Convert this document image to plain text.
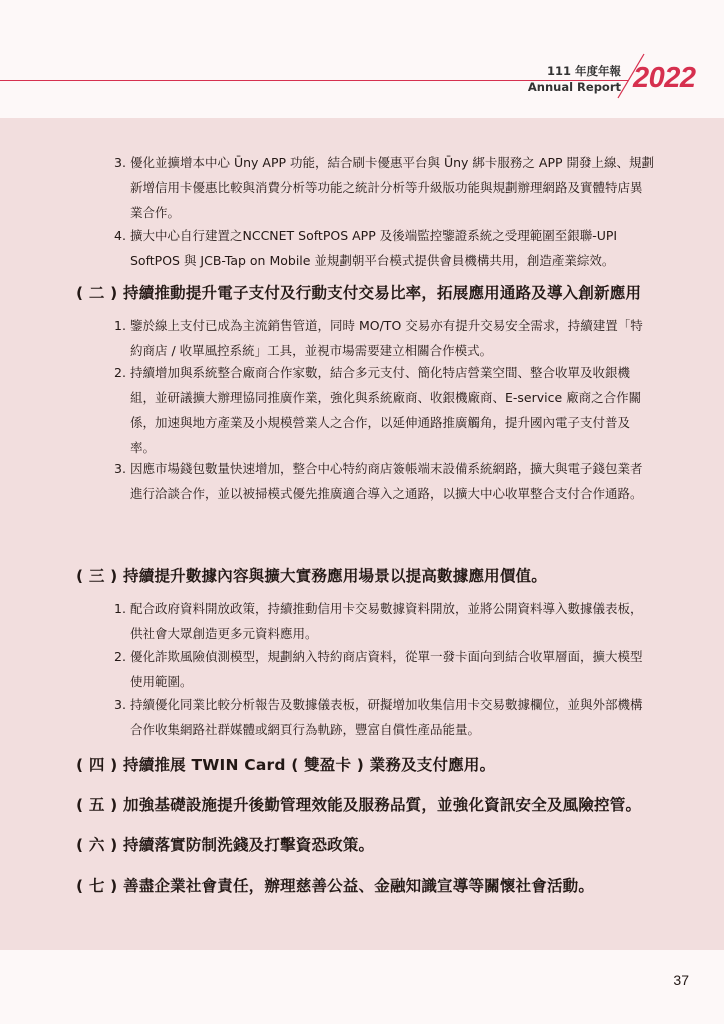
111 年度年報
Annual Report 2022
3. 優化並擴增本中心 Ūny APP 功能，結合刷卡優惠平台與 Ūny 綁卡服務之 APP 開發上線、規劃新增信用卡優惠比較與消費分析等功能之統計分析等升級版功能與規劃辦理網路及實體特店異業合作。
4. 擴大中心自行建置之NCCNET SoftPOS APP 及後端監控鑒證系統之受理範圍至銀聯-UPI SoftPOS 與 JCB-Tap on Mobile 並規劃朝平台模式提供會員機構共用，創造產業綜效。
( 二 ) 持續推動提升電子支付及行動支付交易比率，拓展應用通路及導入創新應用
1. 鑒於線上支付已成為主流銷售管道，同時 MO/TO 交易亦有提升交易安全需求，持續建置「特約商店 / 收單風控系統」工具，並視市場需要建立相關合作模式。
2. 持續增加與系統整合廠商合作家數，結合多元支付、簡化特店營業空間、整合收單及收銀機組，並研議擴大辦理協同推廣作業，強化與系統廠商、收銀機廠商、E-service 廠商之合作關係，加速與地方產業及小規模營業人之合作，以延伸通路推廣觸角，提升國內電子支付普及率。
3. 因應市場錢包數量快速增加，整合中心特約商店簽帳端末設備系統網路，擴大與電子錢包業者進行洽談合作，並以被掃模式優先推廣適合導入之通路，以擴大中心收單整合支付合作通路。
( 三 ) 持續提升數據內容與擴大實務應用場景以提高數據應用價值。
1. 配合政府資料開放政策，持續推動信用卡交易數據資料開放，並將公開資料導入數據儀表板，供社會大眾創造更多元資料應用。
2. 優化詐欺風險偵測模型，規劃納入特約商店資料，從單一發卡面向到結合收單層面，擴大模型使用範圍。
3. 持續優化同業比較分析報告及數據儀表板，研擬增加收集信用卡交易數據欄位，並與外部機構合作收集網路社群媒體或網頁行為軌跡，豐富自償性產品能量。
( 四 ) 持續推展 TWIN Card ( 雙盈卡 ) 業務及支付應用。
( 五 ) 加強基礎設施提升後勤管理效能及服務品質，並強化資訊安全及風險控管。
( 六 ) 持續落實防制洗錢及打擊資恐政策。
( 七 ) 善盡企業社會責任，辦理慈善公益、金融知識宣導等關懷社會活動。
37
